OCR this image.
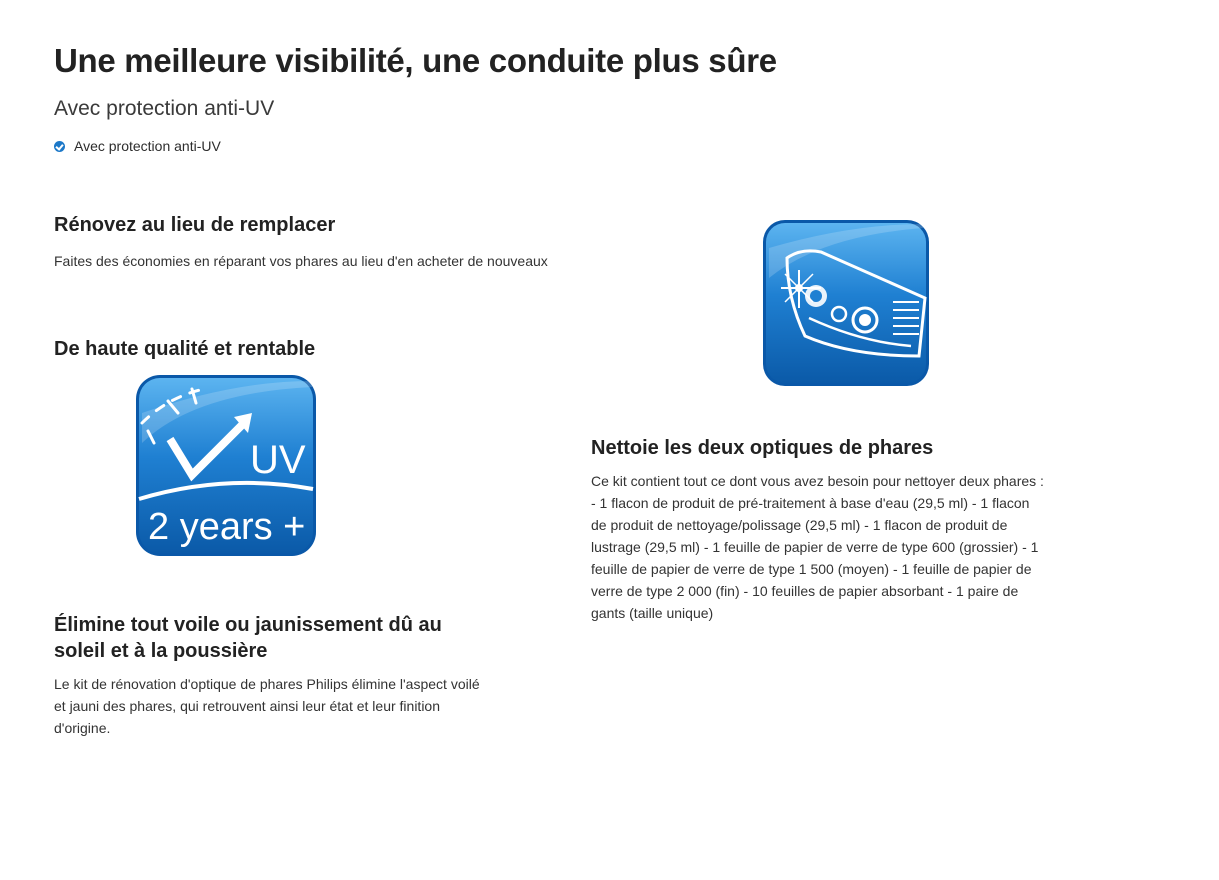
Une meilleure visibilité, une conduite plus sûre
Avec protection anti-UV
Avec protection anti-UV
Rénovez au lieu de remplacer

Faites des économies en réparant vos phares au lieu d'en acheter de nouveaux

De haute qualité et rentable
UV
2 years +
Élimine tout voile ou jaunissement dû au soleil et à la poussière

Le kit de rénovation d'optique de phares Philips élimine l'aspect voilé et jauni des phares, qui retrouvent ainsi leur état et leur finition d'origine.

Nettoie les deux optiques de phares

Ce kit contient tout ce dont vous avez besoin pour nettoyer deux phares : - 1 flacon de produit de pré-traitement à base d'eau (29,5 ml) - 1 flacon de produit de nettoyage/polissage (29,5 ml) - 1 flacon de produit de lustrage (29,5 ml) - 1 feuille de papier de verre de type 600 (grossier) - 1 feuille de papier de verre de type 1 500 (moyen) - 1 feuille de papier de verre de type 2 000 (fin) - 10 feuilles de papier absorbant - 1 paire de gants (taille unique)
